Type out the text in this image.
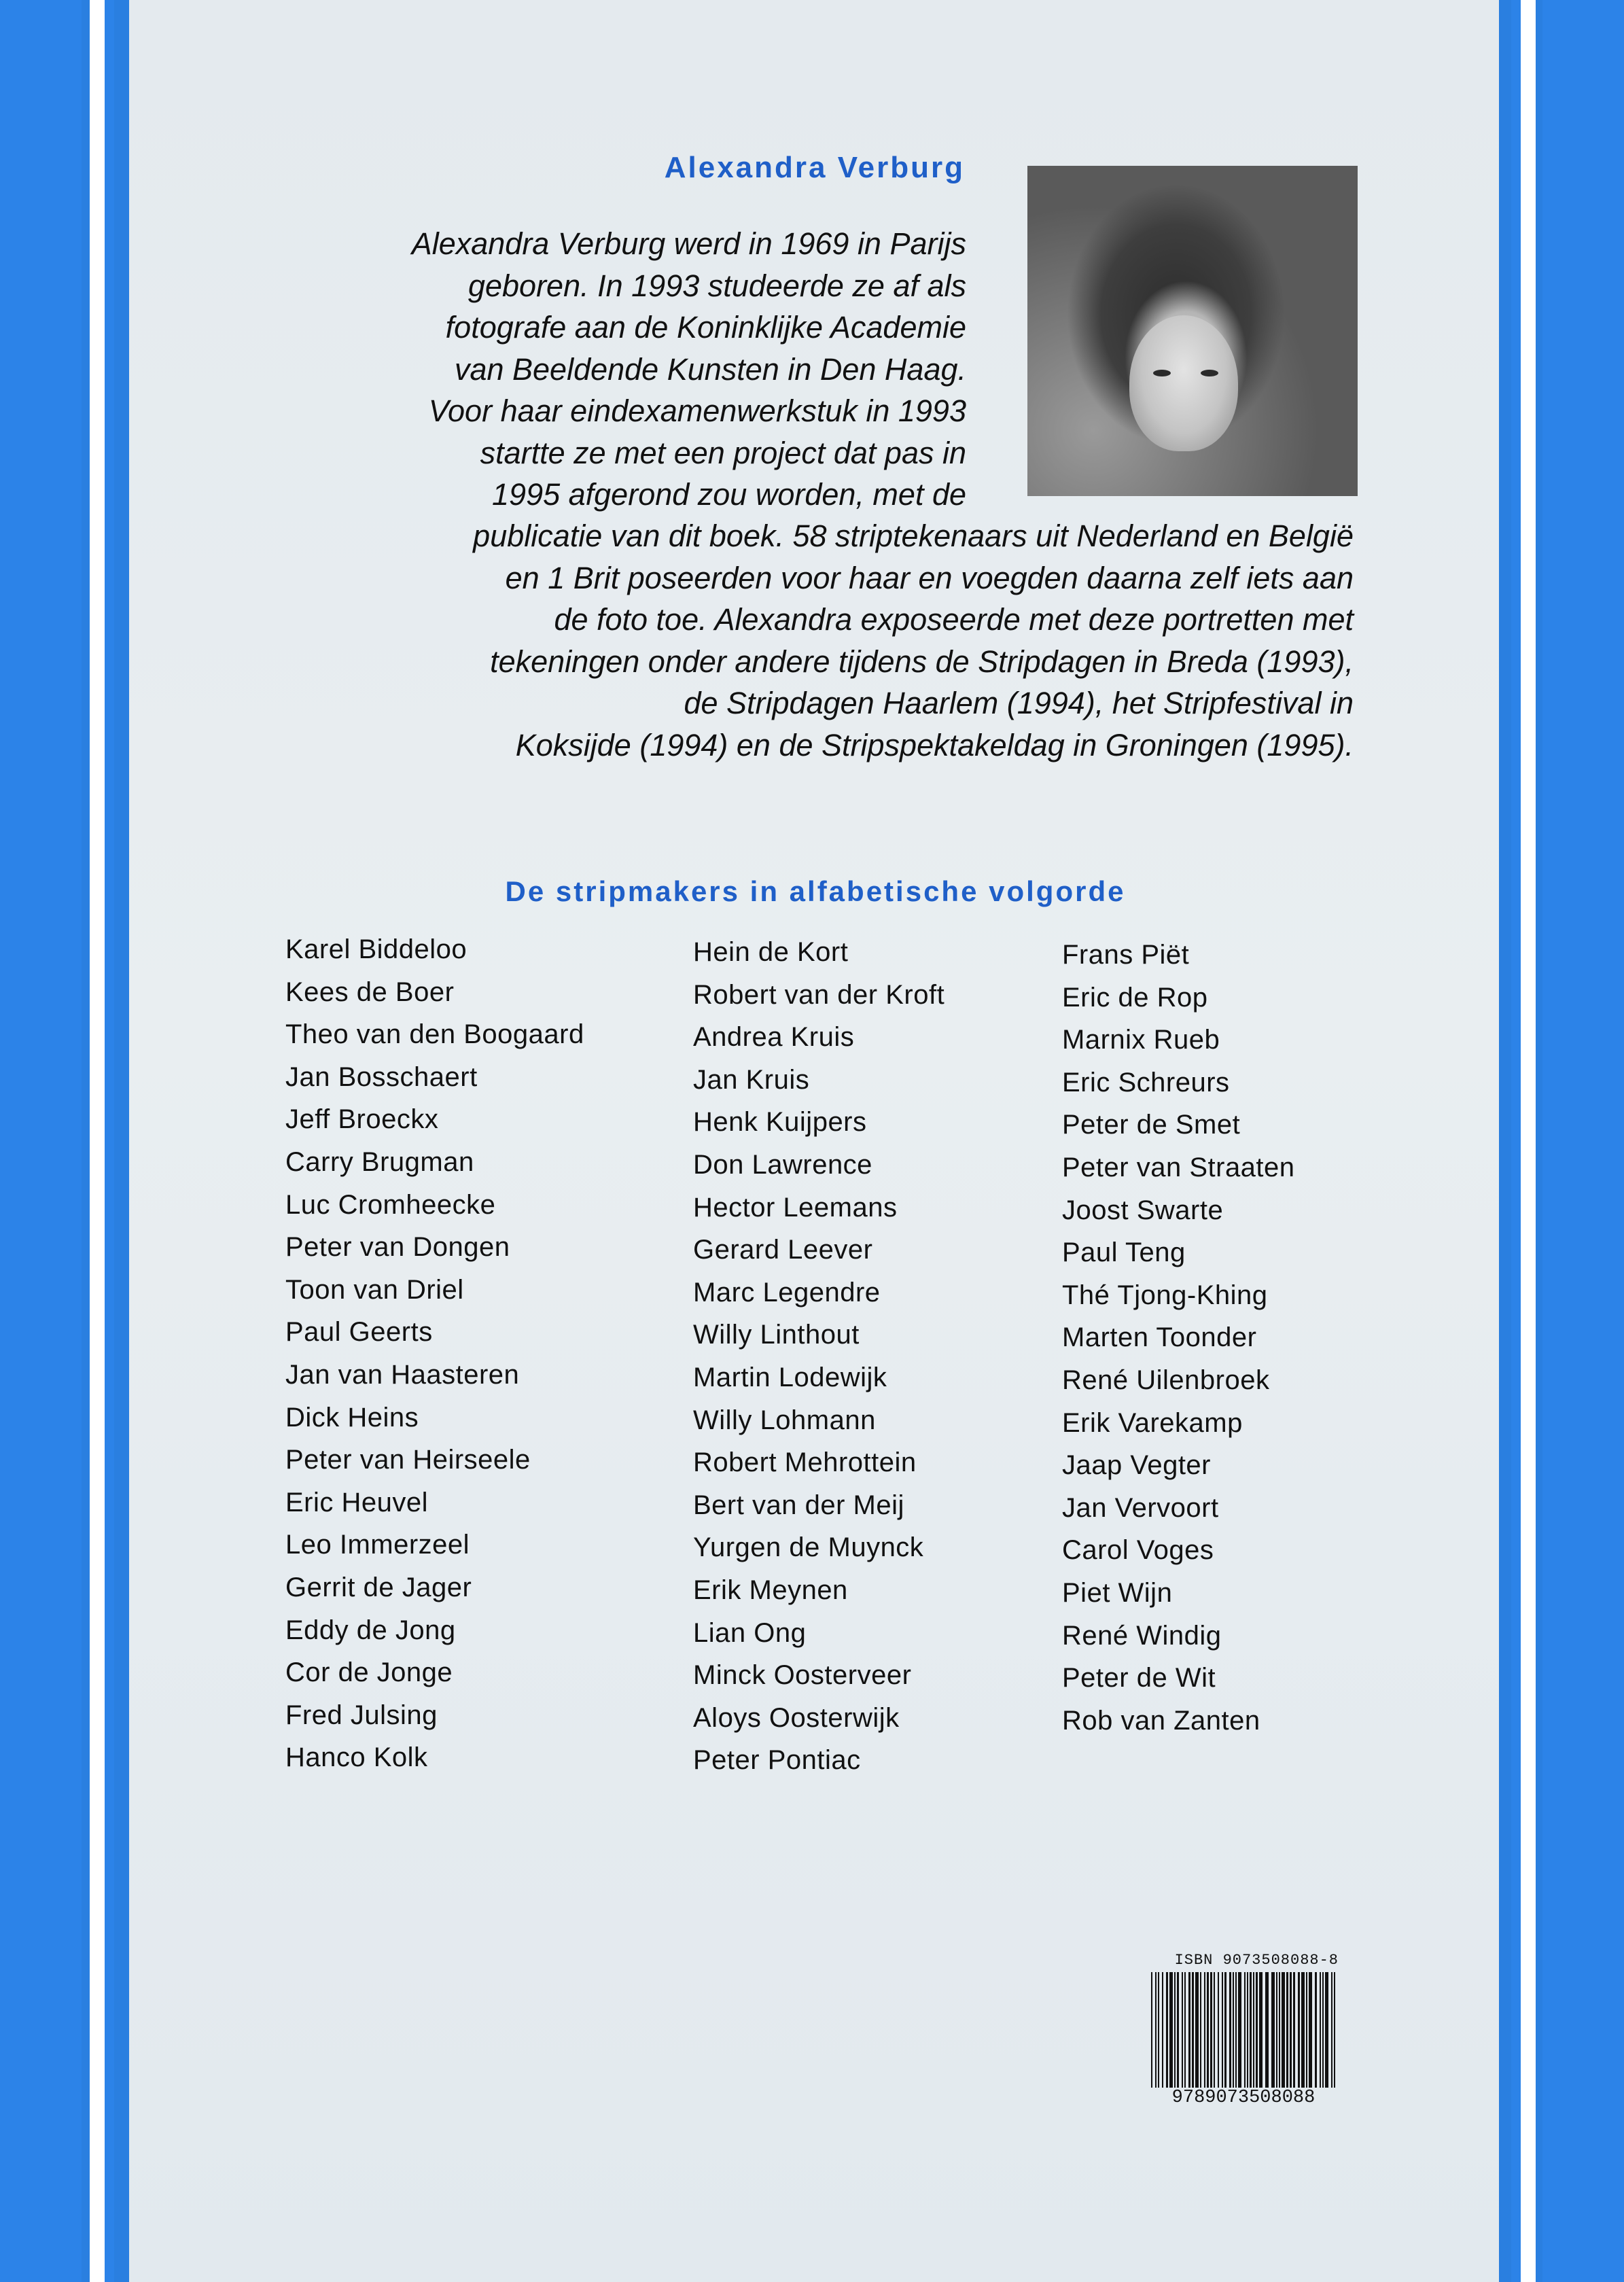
Alexandra Verburg

Alexandra Verburg werd in 1969 in Parijs
geboren. In 1993 studeerde ze af als
fotografe aan de Koninklijke Academie
van Beeldende Kunsten in Den Haag.
Voor haar eindexamenwerkstuk in 1993
startte ze met een project dat pas in
1995 afgerond zou worden, met de

publicatie van dit boek. 58 striptekenaars uit Nederland en België
en 1 Brit poseerden voor haar en voegden daarna zelf iets aan
de foto toe. Alexandra exposeerde met deze portretten met
tekeningen onder andere tijdens de Stripdagen in Breda (1993),
de Stripdagen Haarlem (1994), het Stripfestival in
Koksijde (1994) en de Stripspektakeldag in Groningen (1995).

De stripmakers in alfabetische volgorde
Karel Biddeloo
Kees de Boer
Theo van den Boogaard
Jan Bosschaert
Jeff Broeckx
Carry Brugman
Luc Cromheecke
Peter van Dongen
Toon van Driel
Paul Geerts
Jan van Haasteren
Dick Heins
Peter van Heirseele
Eric Heuvel
Leo Immerzeel
Gerrit de Jager
Eddy de Jong
Cor de Jonge
Fred Julsing
Hanco Kolk
Hein de Kort
Robert van der Kroft
Andrea Kruis
Jan Kruis
Henk Kuijpers
Don Lawrence
Hector Leemans
Gerard Leever
Marc Legendre
Willy Linthout
Martin Lodewijk
Willy Lohmann
Robert Mehrottein
Bert van der Meij
Yurgen de Muynck
Erik Meynen
Lian Ong
Minck Oosterveer
Aloys Oosterwijk
Peter Pontiac
Frans Piët
Eric de Rop
Marnix Rueb
Eric Schreurs
Peter de Smet
Peter van Straaten
Joost Swarte
Paul Teng
Thé Tjong-Khing
Marten Toonder
René Uilenbroek
Erik Varekamp
Jaap Vegter
Jan Vervoort
Carol Voges
Piet Wijn
René Windig
Peter de Wit
Rob van Zanten
ISBN 9073508088-8
9789073508088
